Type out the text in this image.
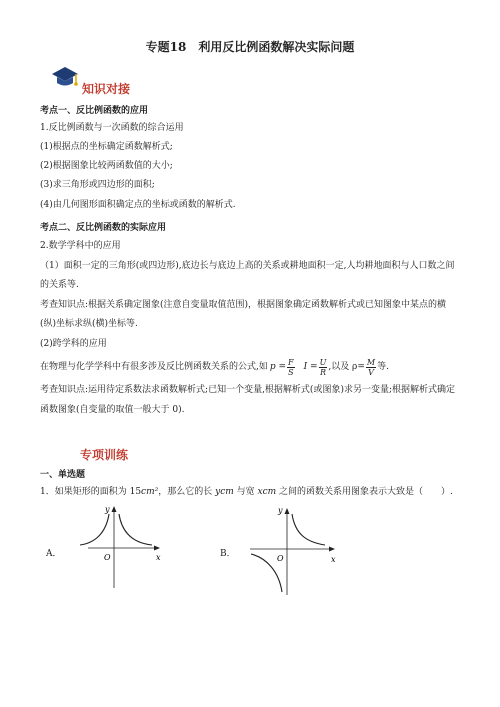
专题18　利用反比例函数解决实际问题
知识对接
考点一、反比例函数的应用
1.反比例函数与一次函数的综合运用
(1)根据点的坐标确定函数解析式;
(2)根据图象比较两函数值的大小;
(3)求三角形或四边形的面积;
(4)由几何图形面积确定点的坐标或函数的解析式.
考点二、反比例函数的实际应用
2.数学学科中的应用
（1）面积一定的三角形(或四边形),底边长与底边上高的关系或耕地面积一定,人均耕地面积与人口数之间
的关系等.
考查知识点:根据关系确定图象(注意自变量取值范围)，根据图象确定函数解析式或已知图象中某点的横
(纵)坐标求纵(横)坐标等.
(2)跨学科的应用
在物理与化学学科中有很多涉及反比例函数关系的公式,如 $p = \frac{F}{S}$ $I = \frac{U}{R}$ ,以及 $\rho= \frac{M}{V}$ 等.
考查知识点:运用待定系数法求函数解析式;已知一个变量,根据解析式(或图象)求另一变量;根据解析式确定
函数图象(自变量的取值一般大于 0).
专项训练
一、单选题
1．如果矩形的面积为 15cm²，那么它的长 ycm 与宽 xcm 之间的函数关系用图象表示大致是（　　）.
A．
y
x
O	B．
y
x
O
